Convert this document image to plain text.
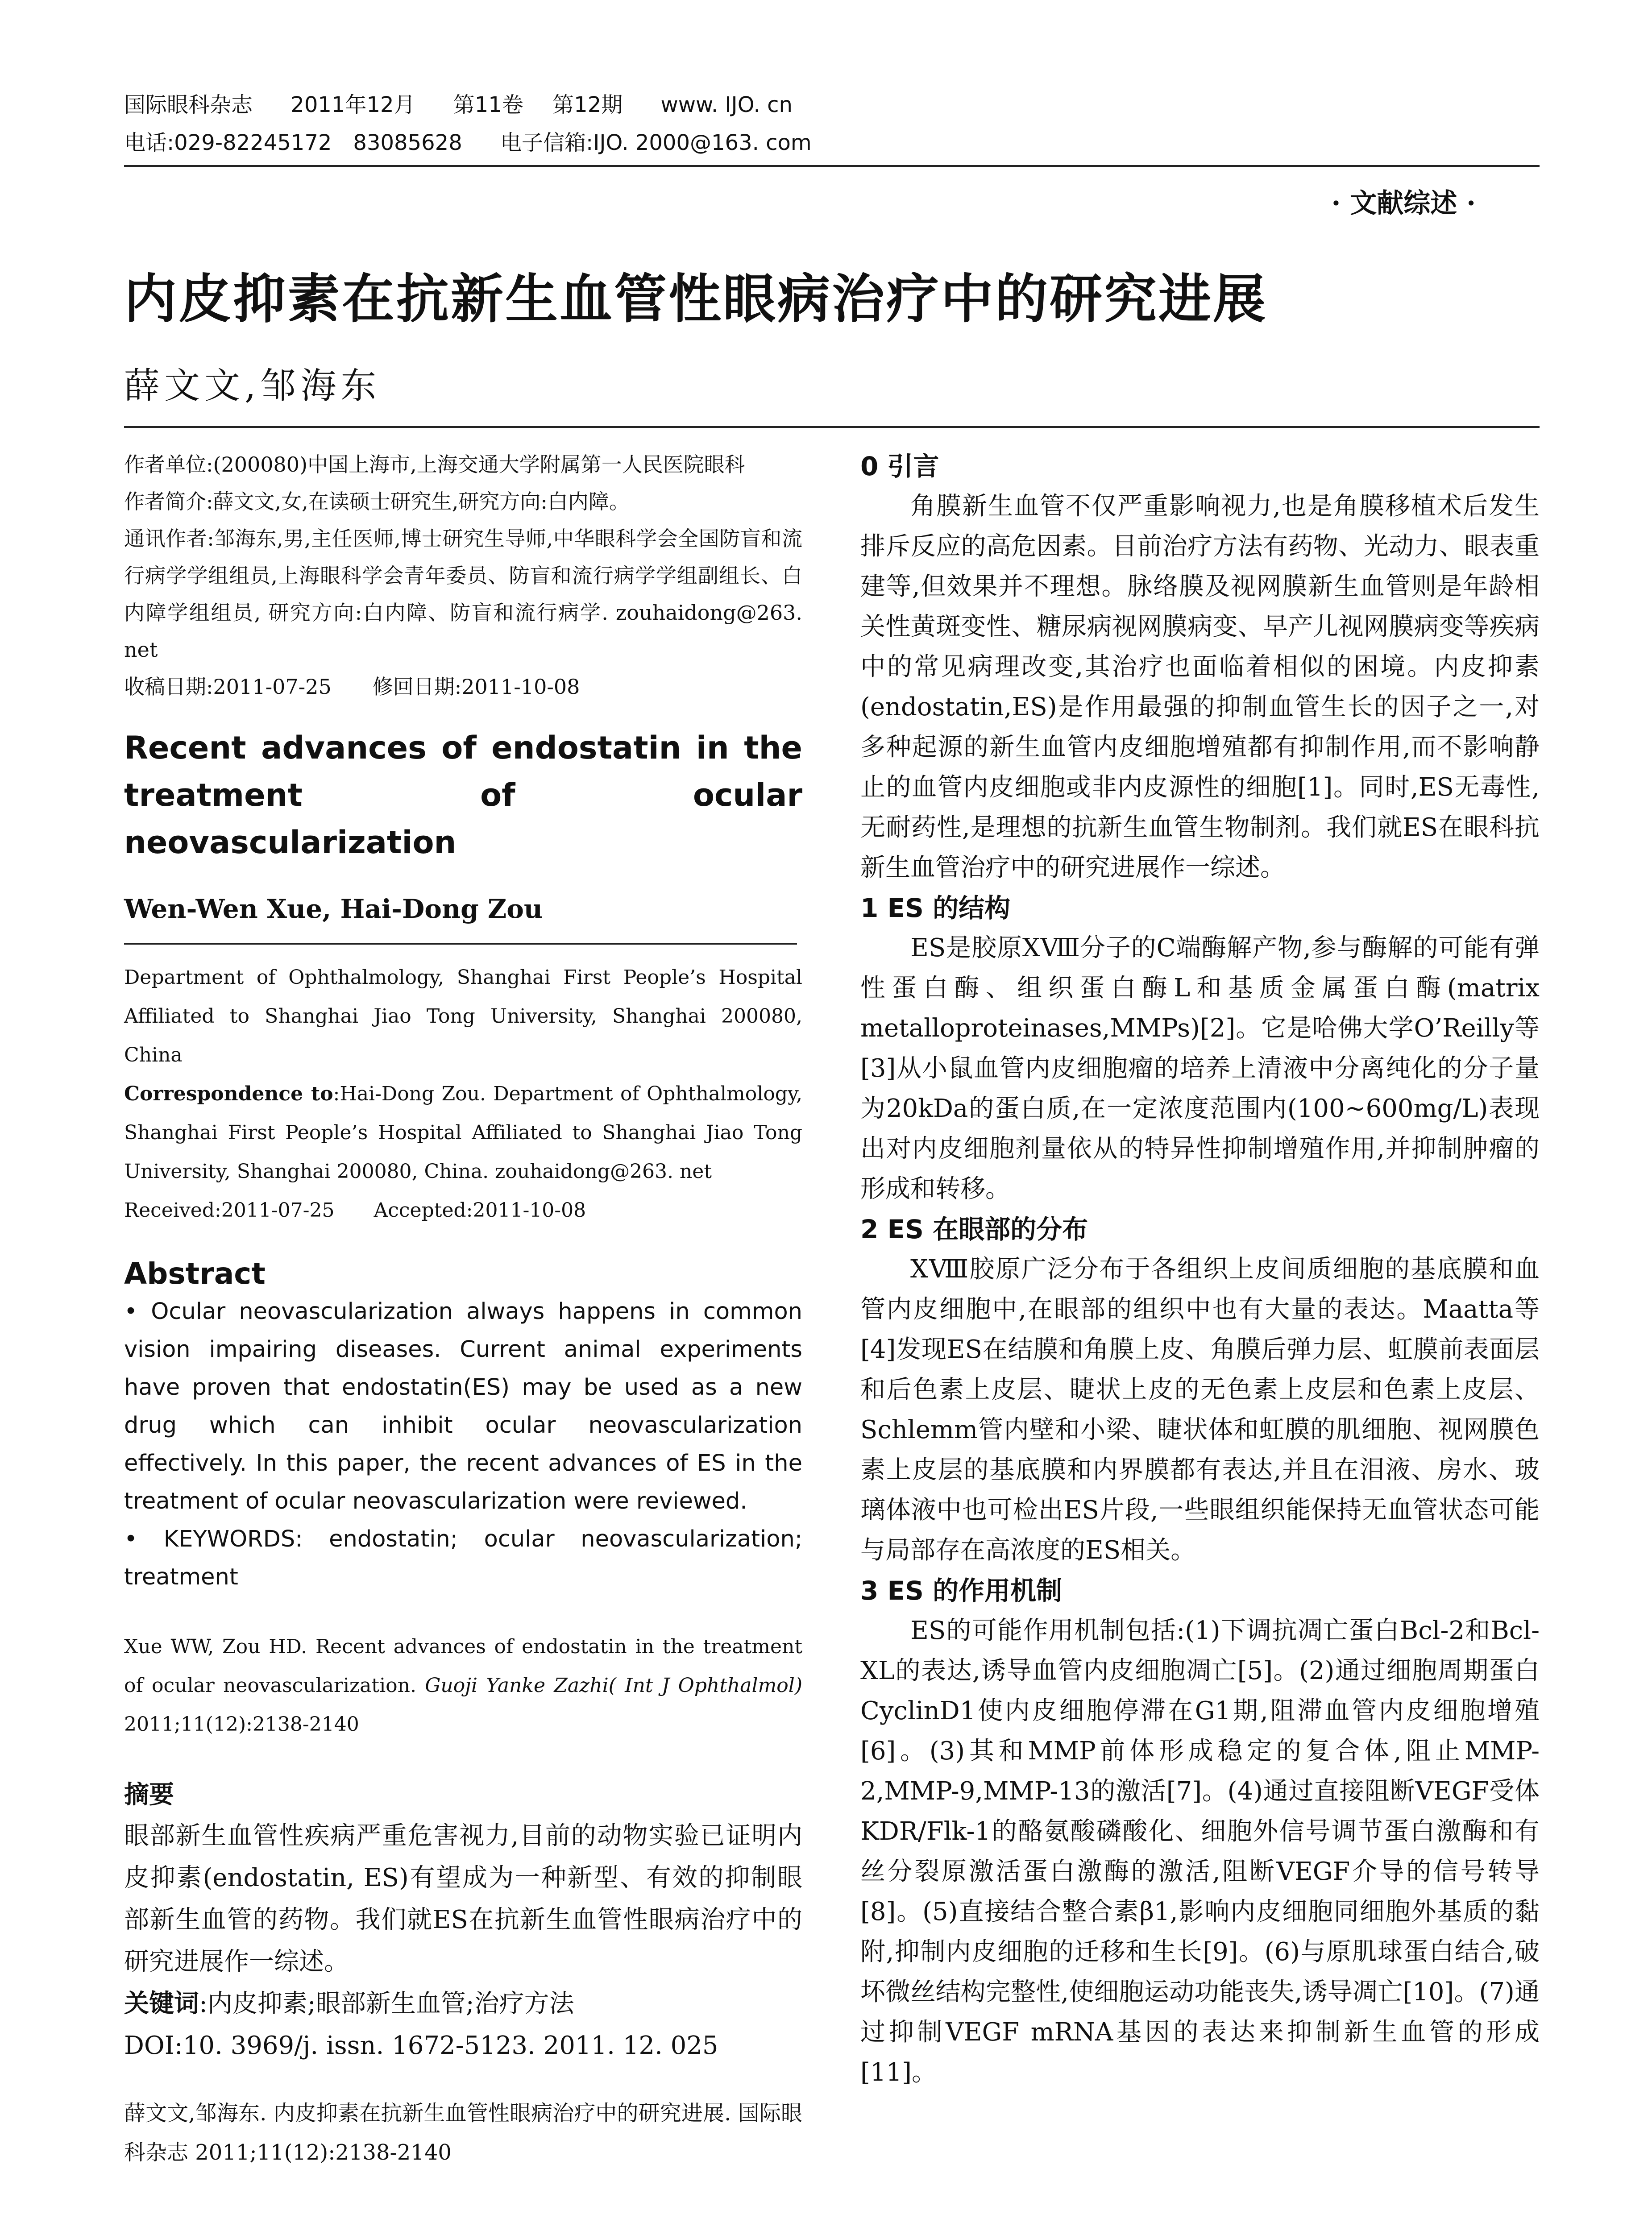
国际眼科杂志 2011年12月 第11卷 第12期 www. IJO. cn
电话:029-82245172　83085628 电子信箱:IJO. 2000@163. com
· 文献综述 ·
内皮抑素在抗新生血管性眼病治疗中的研究进展
薛文文,邹海东

作者单位:(200080)中国上海市,上海交通大学附属第一人民医院眼科

作者简介:薛文文,女,在读硕士研究生,研究方向:白内障。

通讯作者:邹海东,男,主任医师,博士研究生导师,中华眼科学会全国防盲和流行病学学组组员,上海眼科学会青年委员、防盲和流行病学学组副组长、白内障学组组员, 研究方向:白内障、防盲和流行病学. zouhaidong@263. net

收稿日期:2011-07-25　　修回日期:2011-10-08

Recent advances of endostatin in the
treatment of ocular neovascularization
Wen-Wen Xue, Hai-Dong Zou
Department of Ophthalmology, Shanghai First People’s Hospital Affiliated to Shanghai Jiao Tong University, Shanghai 200080, China
Correspondence to:Hai-Dong Zou. Department of Ophthalmology, Shanghai First People’s Hospital Affiliated to Shanghai Jiao Tong University, Shanghai 200080, China. zouhaidong@263. net
Received:2011-07-25　　Accepted:2011-10-08
Abstract
• Ocular neovascularization always happens in common vision impairing diseases. Current animal experiments have proven that endostatin(ES) may be used as a new drug which can inhibit ocular neovascularization effectively. In this paper, the recent advances of ES in the treatment of ocular neovascularization were reviewed.
• KEYWORDS: endostatin; ocular neovascularization; treatment
Xue WW, Zou HD. Recent advances of endostatin in the treatment of ocular neovascularization. Guoji Yanke Zazhi( Int J Ophthalmol) 2011;11(12):2138-2140
摘要
眼部新生血管性疾病严重危害视力,目前的动物实验已证明内皮抑素(endostatin, ES)有望成为一种新型、有效的抑制眼部新生血管的药物。我们就ES在抗新生血管性眼病治疗中的研究进展作一综述。
关键词:内皮抑素;眼部新生血管;治疗方法
DOI:10. 3969/j. issn. 1672-5123. 2011. 12. 025
薛文文,邹海东. 内皮抑素在抗新生血管性眼病治疗中的研究进展. 国际眼科杂志 2011;11(12):2138-2140
0 引言

角膜新生血管不仅严重影响视力,也是角膜移植术后发生排斥反应的高危因素。目前治疗方法有药物、光动力、眼表重建等,但效果并不理想。脉络膜及视网膜新生血管则是年龄相关性黄斑变性、糖尿病视网膜病变、早产儿视网膜病变等疾病中的常见病理改变,其治疗也面临着相似的困境。内皮抑素(endostatin,ES)是作用最强的抑制血管生长的因子之一,对多种起源的新生血管内皮细胞增殖都有抑制作用,而不影响静止的血管内皮细胞或非内皮源性的细胞[1]。同时,ES无毒性,无耐药性,是理想的抗新生血管生物制剂。我们就ES在眼科抗新生血管治疗中的研究进展作一综述。

1 ES 的结构

ES是胶原ⅩⅧ分子的C端酶解产物,参与酶解的可能有弹性蛋白酶、组织蛋白酶L和基质金属蛋白酶(matrix metalloproteinases,MMPs)[2]。它是哈佛大学O’Reilly等[3]从小鼠血管内皮细胞瘤的培养上清液中分离纯化的分子量为20kDa的蛋白质,在一定浓度范围内(100~600mg/L)表现出对内皮细胞剂量依从的特异性抑制增殖作用,并抑制肿瘤的形成和转移。

2 ES 在眼部的分布

ⅩⅧ胶原广泛分布于各组织上皮间质细胞的基底膜和血管内皮细胞中,在眼部的组织中也有大量的表达。Maatta等[4]发现ES在结膜和角膜上皮、角膜后弹力层、虹膜前表面层和后色素上皮层、睫状上皮的无色素上皮层和色素上皮层、Schlemm管内壁和小梁、睫状体和虹膜的肌细胞、视网膜色素上皮层的基底膜和内界膜都有表达,并且在泪液、房水、玻璃体液中也可检出ES片段,一些眼组织能保持无血管状态可能与局部存在高浓度的ES相关。

3 ES 的作用机制

ES的可能作用机制包括:(1)下调抗凋亡蛋白Bcl-2和Bcl-XL的表达,诱导血管内皮细胞凋亡[5]。(2)通过细胞周期蛋白CyclinD1使内皮细胞停滞在G1期,阻滞血管内皮细胞增殖[6]。(3)其和MMP前体形成稳定的复合体,阻止MMP-2,MMP-9,MMP-13的激活[7]。(4)通过直接阻断VEGF受体KDR/Flk-1的酪氨酸磷酸化、细胞外信号调节蛋白激酶和有丝分裂原激活蛋白激酶的激活,阻断VEGF介导的信号转导[8]。(5)直接结合整合素β1,影响内皮细胞同细胞外基质的黏附,抑制内皮细胞的迁移和生长[9]。(6)与原肌球蛋白结合,破坏微丝结构完整性,使细胞运动功能丧失,诱导凋亡[10]。(7)通过抑制VEGF mRNA基因的表达来抑制新生血管的形成[11]。
